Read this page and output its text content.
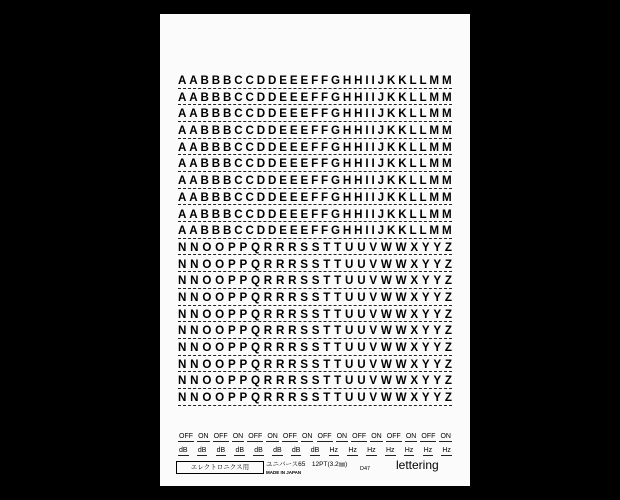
A A B B B C C D D E E E F F G H H I I J K K L L M M
A A B B B C C D D E E E F F G H H I I J K K L L M M
A A B B B C C D D E E E F F G H H I I J K K L L M M
A A B B B C C D D E E E F F G H H I I J K K L L M M
A A B B B C C D D E E E F F G H H I I J K K L L M M
A A B B B C C D D E E E F F G H H I I J K K L L M M
A A B B B C C D D E E E F F G H H I I J K K L L M M
A A B B B C C D D E E E F F G H H I I J K K L L M M
A A B B B C C D D E E E F F G H H I I J K K L L M M
A A B B B C C D D E E E F F G H H I I J K K L L M M
N N O O P P Q R R R S S T T U U V W W X Y Y Z
N N O O P P Q R R R S S T T U U V W W X Y Y Z
N N O O P P Q R R R S S T T U U V W W X Y Y Z
N N O O P P Q R R R S S T T U U V W W X Y Y Z
N N O O P P Q R R R S S T T U U V W W X Y Y Z
N N O O P P Q R R R S S T T U U V W W X Y Y Z
N N O O P P Q R R R S S T T U U V W W X Y Y Z
N N O O P P Q R R R S S T T U U V W W X Y Y Z
N N O O P P Q R R R S S T T U U V W W X Y Y Z
N N O O P P Q R R R S S T T U U V W W X Y Y Z
OFF ON OFF ON OFF ON OFF ON OFF ON OFF ON OFF ON OFF ON
dB dB dB dB dB dB dB dB Hz Hz Hz Hz Hz Hz Hz
エレクトロニクス用	ユニバース65　12PT(3.2㎜)
MADE IN JAPAN
D47 lettering
